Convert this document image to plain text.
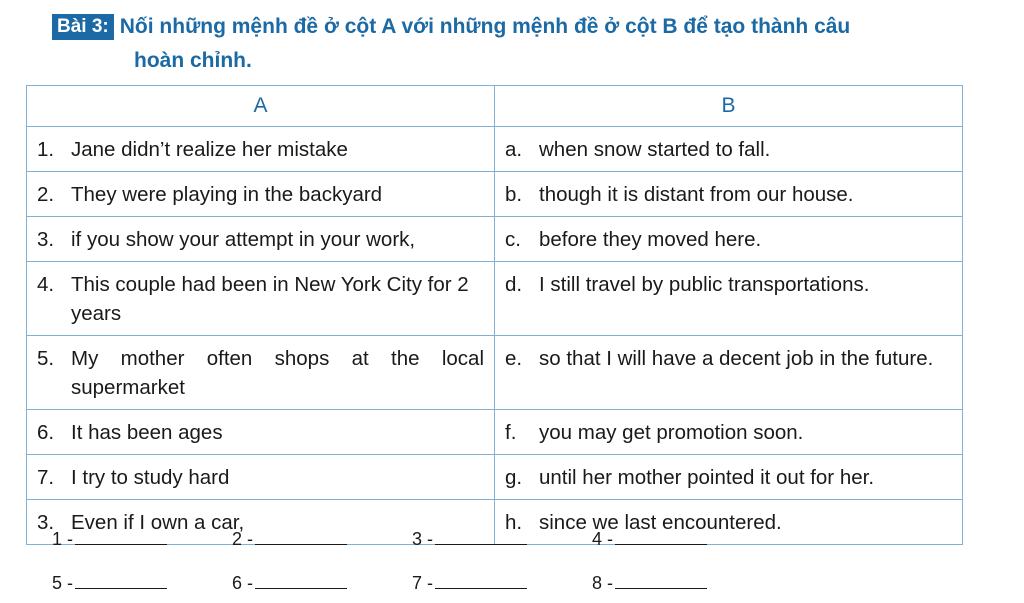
Bài 3: Nối những mệnh đề ở cột A với những mệnh đề ở cột B để tạo thành câu
hoàn chỉnh.
A	B

1. Jane didn’t realize her mistake	a. when snow started to fall.

2. They were playing in the backyard	b. though it is distant from our house.

3. if you show your attempt in your work,	c. before they moved here.

4. This couple had been in New York City for 2 years	d. I still travel by public transportations.

5. My mother often shops at the local supermarket	e. so that I will have a decent job in the future.

6. It has been ages	f. you may get promotion soon.

7. I try to study hard	g. until her mother pointed it out for her.

3. Even if I own a car,	h. since we last encountered.
1 -	2 -	3 -	4 -
5 -	6 -	7 -	8 -
